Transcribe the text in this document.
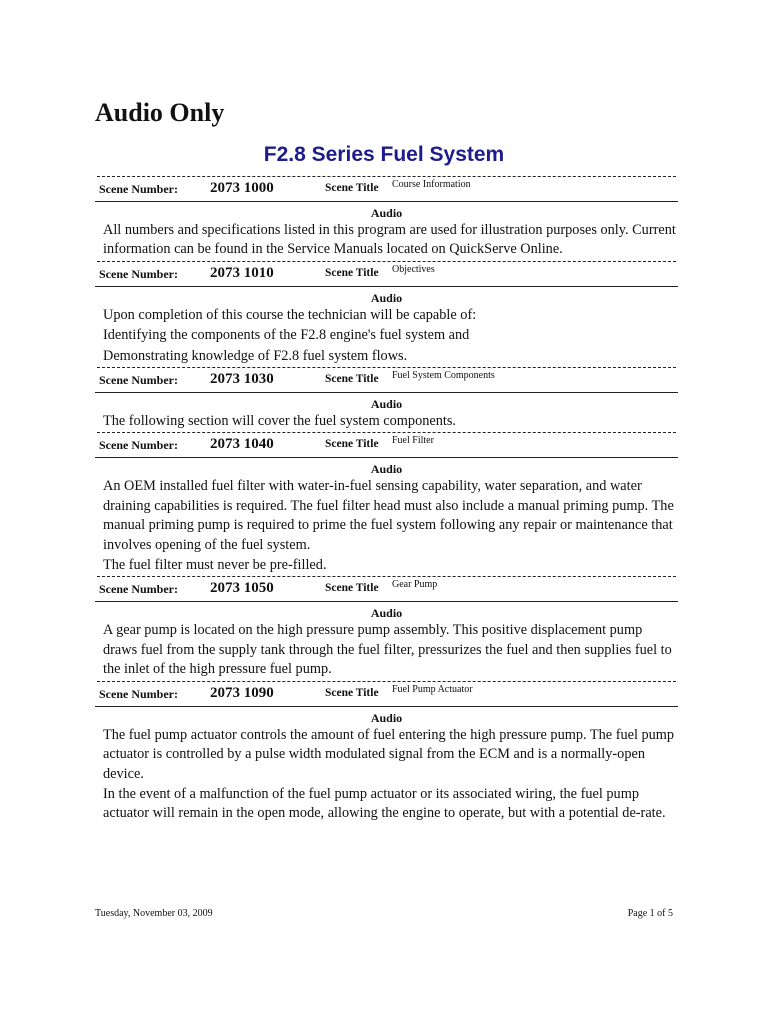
Audio Only
F2.8 Series Fuel System
Scene Number: 2073 1000	Scene Title Course Information
Audio

All numbers and specifications listed in this program are used for illustration purposes only. Current information can be found in the Service Manuals located on QuickServe Online.

Scene Number: 2073 1010	Scene Title Objectives
Audio

Upon completion of this course the technician will be capable of:

Identifying the components of the F2.8 engine's fuel system and

Demonstrating knowledge of F2.8 fuel system flows.

Scene Number: 2073 1030	Scene Title Fuel System Components
Audio

The following section will cover the fuel system components.

Scene Number: 2073 1040	Scene Title Fuel Filter
Audio

An OEM installed fuel filter with water-in-fuel sensing capability, water separation, and water draining capabilities is required. The fuel filter head must also include a manual priming pump. The manual priming pump is required to prime the fuel system following any repair or maintenance that involves opening of the fuel system.

The fuel filter must never be pre-filled.

Scene Number: 2073 1050	Scene Title Gear Pump
Audio

A gear pump is located on the high pressure pump assembly. This positive displacement pump draws fuel from the supply tank through the fuel filter, pressurizes the fuel and then supplies fuel to the inlet of the high pressure fuel pump.

Scene Number: 2073 1090	Scene Title Fuel Pump Actuator
Audio

The fuel pump actuator controls the amount of fuel entering the high pressure pump. The fuel pump actuator is controlled by a pulse width modulated signal from the ECM and is a normally-open device.

In the event of a malfunction of the fuel pump actuator or its associated wiring, the fuel pump actuator will remain in the open mode, allowing the engine to operate, but with a potential de-rate.

Tuesday, November 03, 2009	Page 1 of 5
